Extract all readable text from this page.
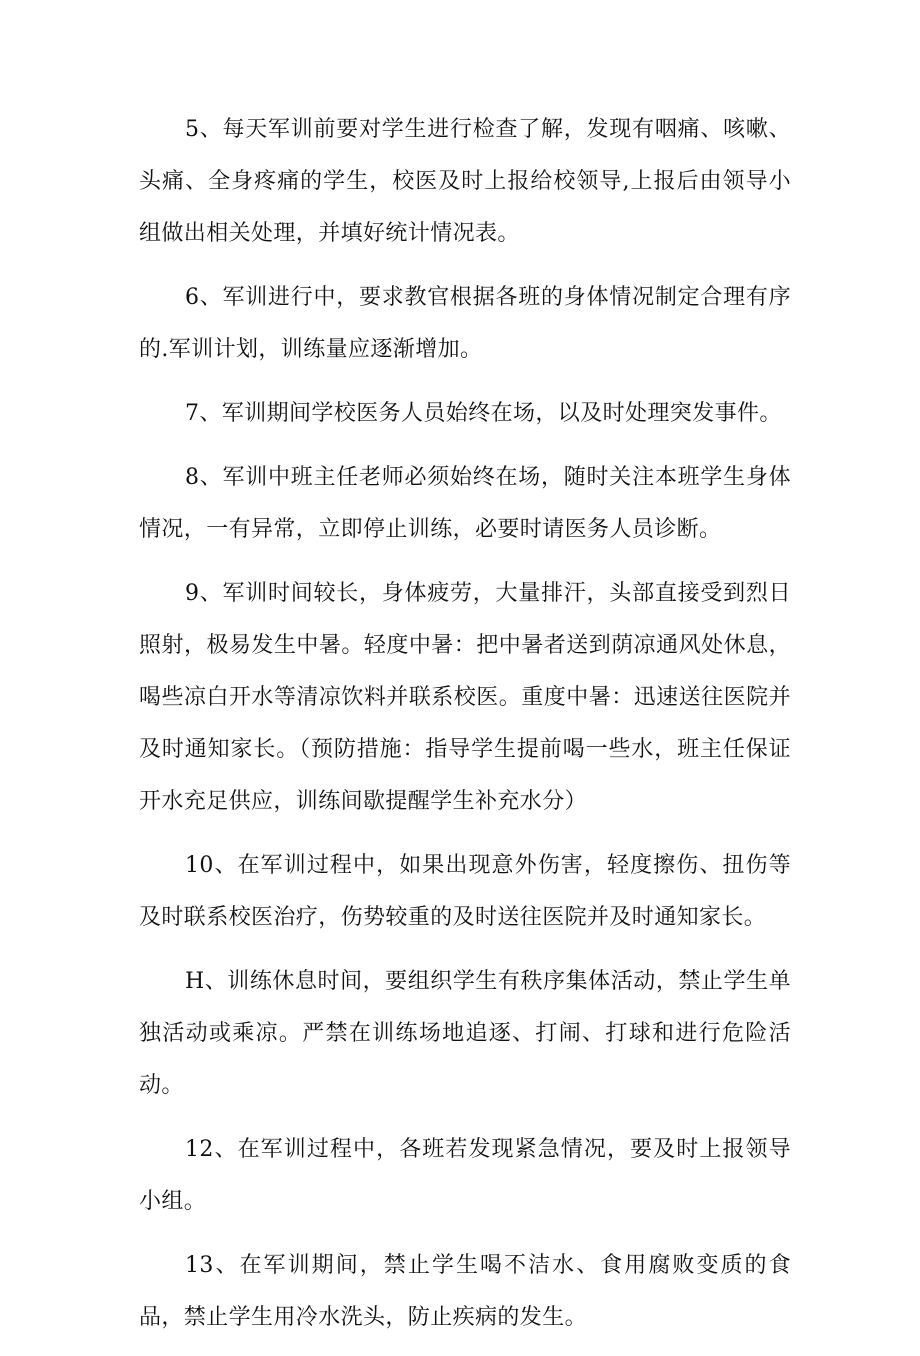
5、每天军训前要对学生进行检查了解，发现有咽痛、咳嗽、头痛、全身疼痛的学生，校医及时上报给校领导,上报后由领导小组做出相关处理，并填好统计情况表。

6、军训进行中，要求教官根据各班的身体情况制定合理有序的.军训计划，训练量应逐渐增加。

7、军训期间学校医务人员始终在场，以及时处理突发事件。

8、军训中班主任老师必须始终在场，随时关注本班学生身体情况，一有异常，立即停止训练，必要时请医务人员诊断。

9、军训时间较长，身体疲劳，大量排汗，头部直接受到烈日照射，极易发生中暑。轻度中暑：把中暑者送到荫凉通风处休息，喝些凉白开水等清凉饮料并联系校医。重度中暑：迅速送往医院并及时通知家长。（预防措施：指导学生提前喝一些水，班主任保证开水充足供应，训练间歇提醒学生补充水分）

10、在军训过程中，如果出现意外伤害，轻度擦伤、扭伤等及时联系校医治疗，伤势较重的及时送往医院并及时通知家长。

H、训练休息时间，要组织学生有秩序集体活动，禁止学生单独活动或乘凉。严禁在训练场地追逐、打闹、打球和进行危险活动。

12、在军训过程中，各班若发现紧急情况，要及时上报领导小组。

13、在军训期间，禁止学生喝不洁水、食用腐败变质的食品，禁止学生用冷水洗头，防止疾病的发生。
